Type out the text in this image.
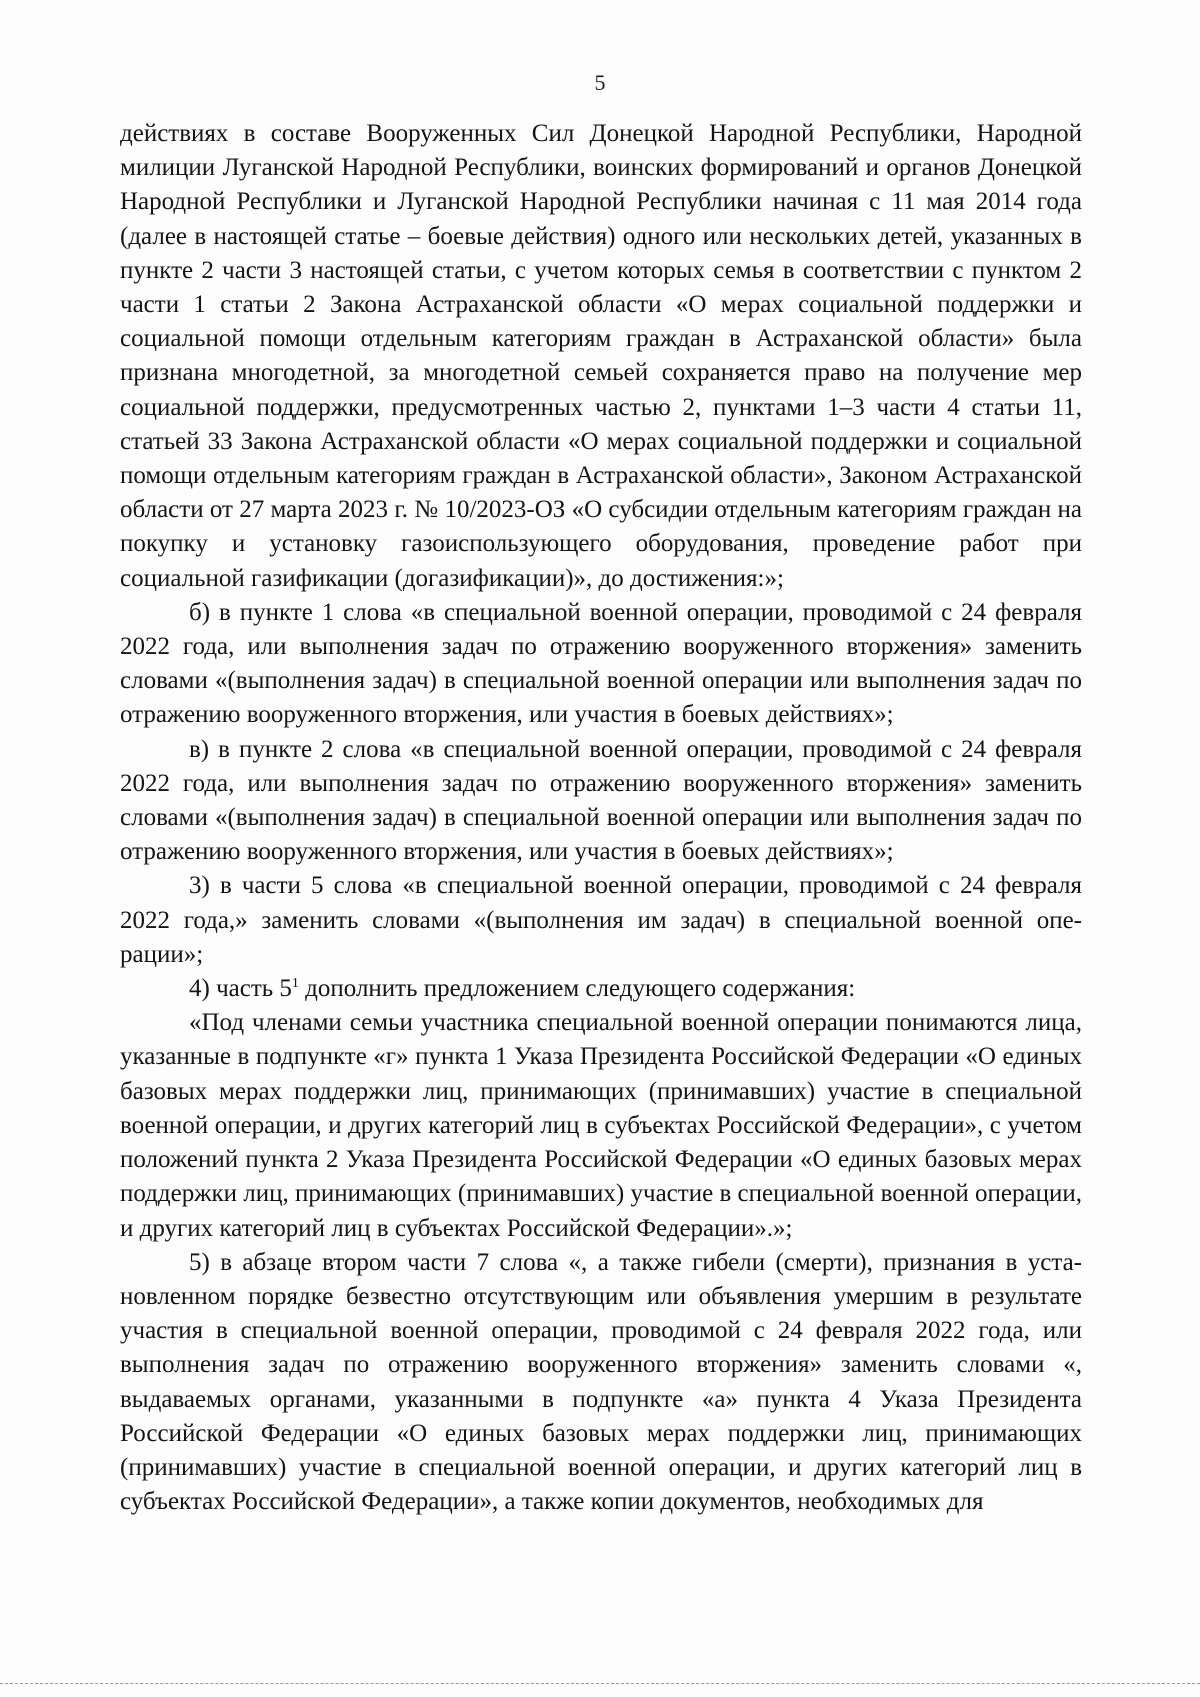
5

действиях в составе Вооруженных Сил Донецкой Народной Республики, Народной милиции Луганской Народной Республики, воинских формирований и органов Донецкой Народной Республики и Луганской Народной Республики начиная с 11 мая 2014 года (далее в настоящей статье – боевые действия) одного или нескольких детей, указанных в пункте 2 части 3 настоящей статьи, с учетом которых семья в соответствии с пунктом 2 части 1 статьи 2 Закона Астраханской области «О мерах социальной поддержки и социальной помощи отдельным категориям граждан в Астраханской области» была признана многодетной, за многодетной семьей сохраняется право на получение мер социальной поддержки, предусмотренных частью 2, пунктами 1–3 части 4 статьи 11, статьей 33 Закона Астраханской области «О мерах социальной поддержки и социальной помощи отдельным категориям граждан в Астраханской области», Законом Астраханской области от 27 марта 2023 г. № 10/2023-ОЗ «О субсидии отдельным категориям граждан на покупку и установку газоиспользующего оборудования, проведение работ при социальной газификации (догазификации)», до достижения:»;

б) в пункте 1 слова «в специальной военной операции, проводимой с 24 февраля 2022 года, или выполнения задач по отражению вооруженного вторжения» заменить словами «(выполнения задач) в специальной военной операции или выполнения задач по отражению вооруженного вторжения, или участия в боевых действиях»;

в) в пункте 2 слова «в специальной военной операции, проводимой с 24 февраля 2022 года, или выполнения задач по отражению вооруженного вторжения» заменить словами «(выполнения задач) в специальной военной операции или выполнения задач по отражению вооруженного вторжения, или участия в боевых действиях»;

3) в части 5 слова «в специальной военной операции, проводимой с 24 февраля 2022 года,» заменить словами «(выполнения им задач) в специальной военной операции»;

4) часть $5^1$ дополнить предложением следующего содержания:

«Под членами семьи участника специальной военной операции понимаются лица, указанные в подпункте «г» пункта 1 Указа Президента Российской Федерации «О единых базовых мерах поддержки лиц, принимающих (принимавших) участие в специальной военной операции, и других категорий лиц в субъектах Российской Федерации», с учетом положений пункта 2 Указа Президента Российской Федерации «О единых базовых мерах поддержки лиц, принимающих (принимавших) участие в специальной военной операции, и других категорий лиц в субъектах Российской Федерации».»;

5) в абзаце втором части 7 слова «, а также гибели (смерти), признания в установленном порядке безвестно отсутствующим или объявления умершим в результате участия в специальной военной операции, проводимой с 24 февраля 2022 года, или выполнения задач по отражению вооруженного вторжения» заменить словами «, выдаваемых органами, указанными в подпункте «а» пункта 4 Указа Президента Российской Федерации «О единых базовых мерах поддержки лиц, принимающих (принимавших) участие в специальной военной операции, и других категорий лиц в субъектах Российской Федерации», а также копии документов, необходимых для
